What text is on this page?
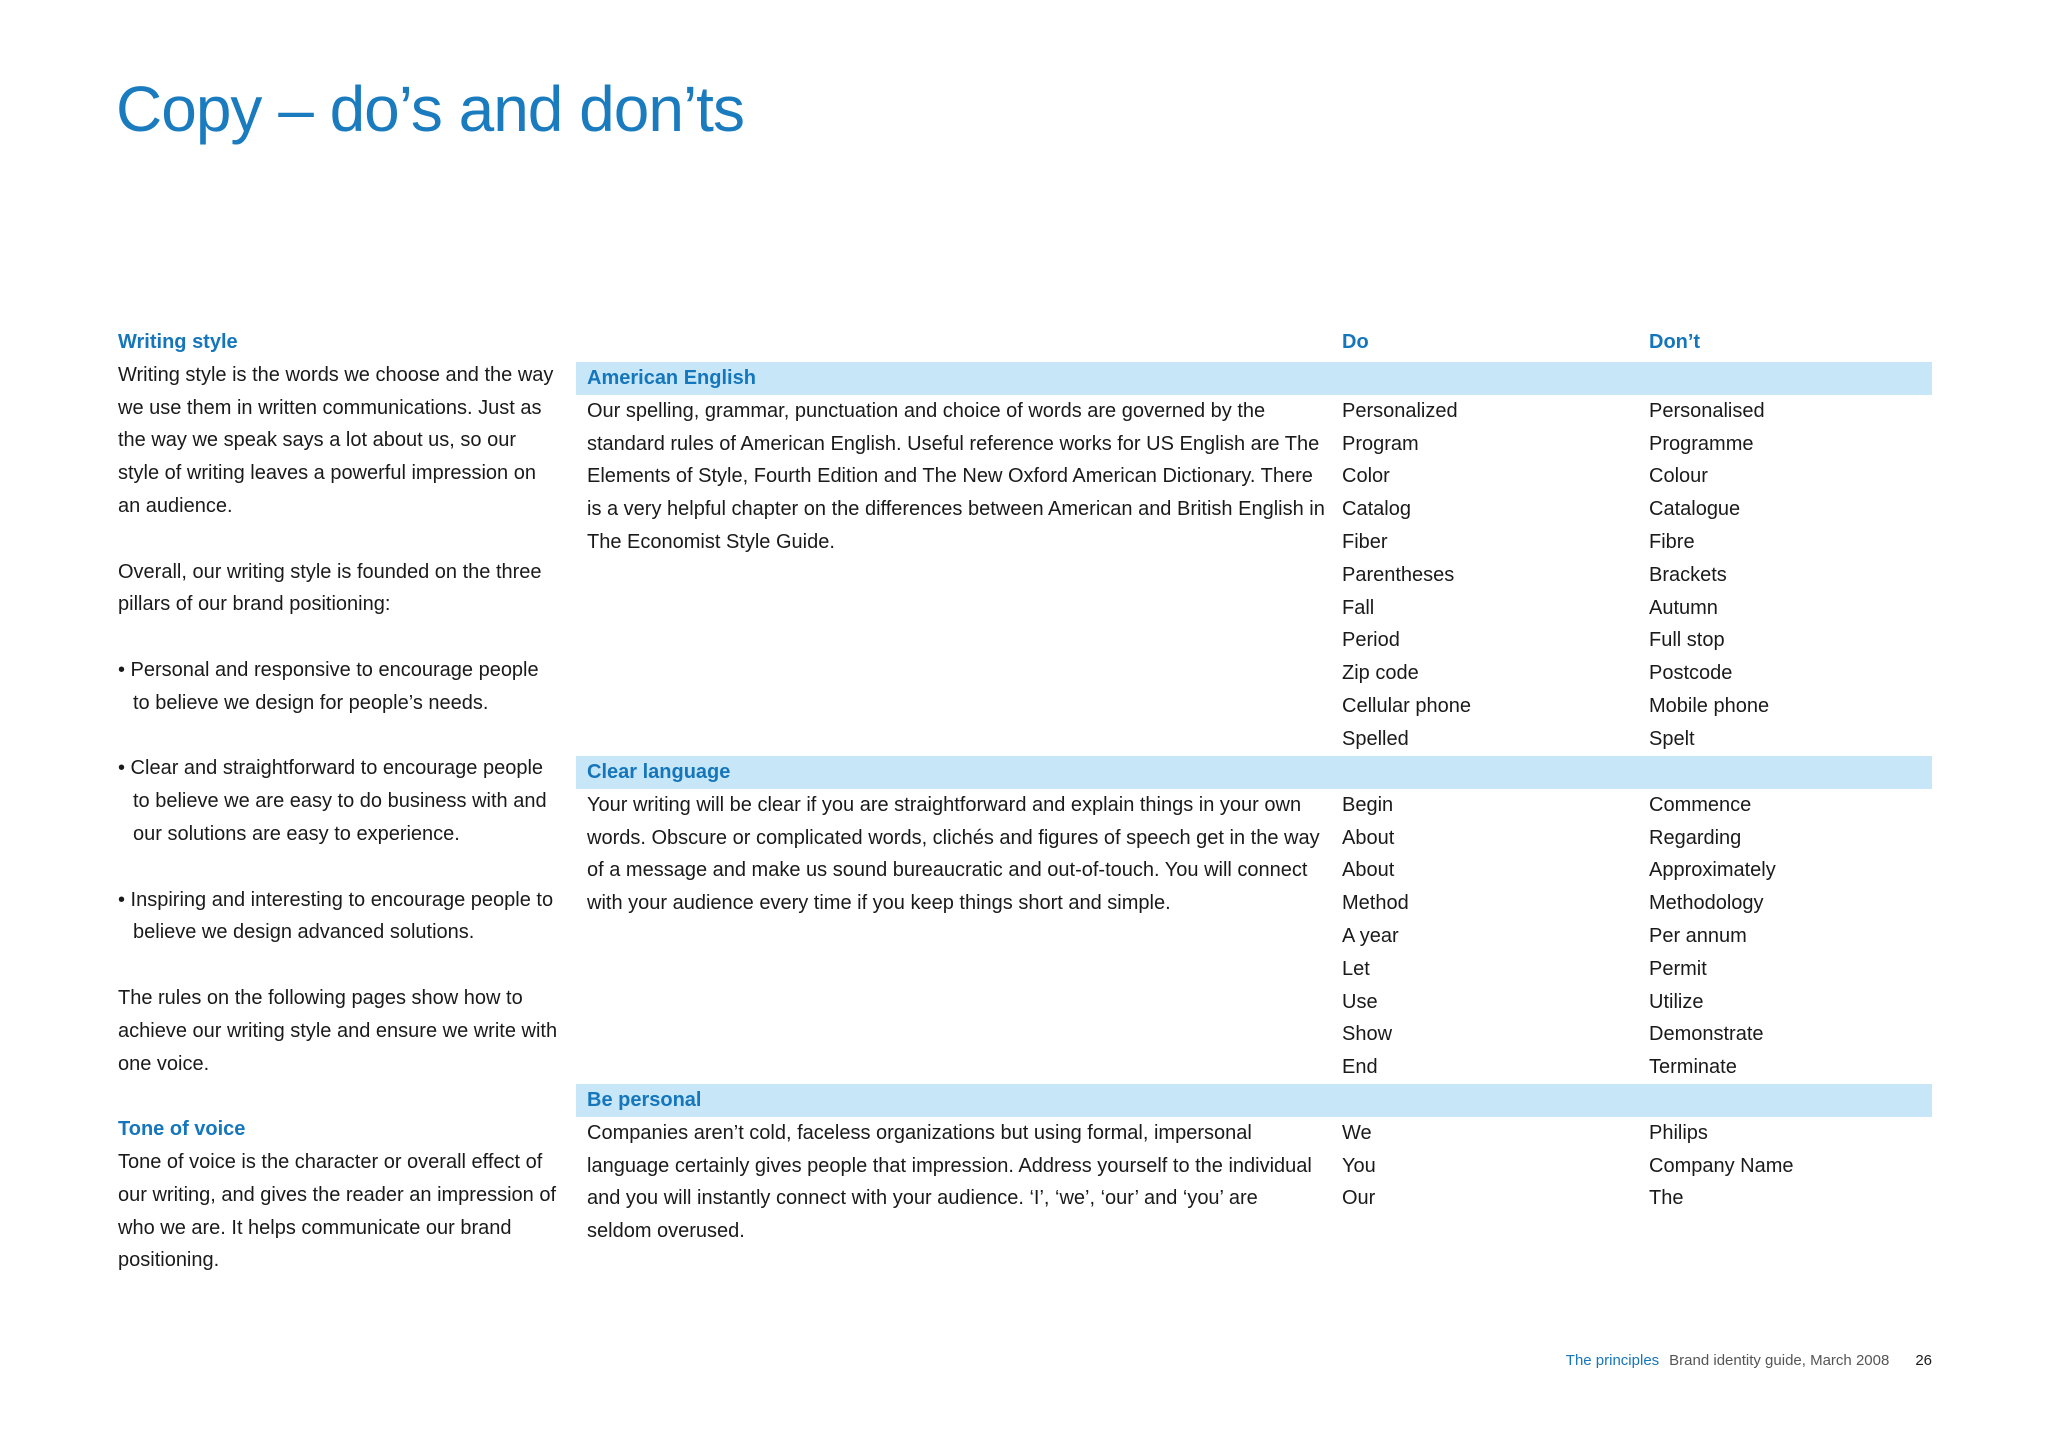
Copy – do’s and don’ts

Writing style

Writing style is the words we choose and the way we use them in written communications. Just as the way we speak says a lot about us, so our style of writing leaves a powerful impression on an audience.

Overall, our writing style is founded on the three pillars of our brand positioning:

• Personal and responsive to encourage people to believe we design for people’s needs.

• Clear and straightforward to encourage people to believe we are easy to do business with and our solutions are easy to experience.

• Inspiring and interesting to encourage people to believe we design advanced solutions.

The rules on the following pages show how to achieve our writing style and ensure we write with one voice.

Tone of voice

Tone of voice is the character or overall effect of our writing, and gives the reader an impression of who we are. It helps communicate our brand positioning.

Do	Don’t
American English

Our spelling, grammar, punctuation and choice of words are governed by the standard rules of American English. Useful reference works for US English are The Elements of Style, Fourth Edition and The New Oxford American Dictionary. There is a very helpful chapter on the differences between American and British English in The Economist Style Guide.

Personalized
Program
Color
Catalog
Fiber
Parentheses
Fall
Period
Zip code
Cellular phone
Spelled
Personalised
Programme
Colour
Catalogue
Fibre
Brackets
Autumn
Full stop
Postcode
Mobile phone
Spelt
Clear language

Your writing will be clear if you are straightforward and explain things in your own words. Obscure or complicated words, clichés and figures of speech get in the way of a message and make us sound bureaucratic and out-of-touch. You will connect with your audience every time if you keep things short and simple.

Begin
About
About
Method
A year
Let
Use
Show
End
Commence
Regarding
Approximately
Methodology
Per annum
Permit
Utilize
Demonstrate
Terminate
Be personal

Companies aren’t cold, faceless organizations but using formal, impersonal language certainly gives people that impression. Address yourself to the individual and you will instantly connect with your audience. ‘I’, ‘we’, ‘our’ and ‘you’ are seldom overused.

We
You
Our
Philips
Company Name
The
The principles Brand identity guide, March 2008 26
